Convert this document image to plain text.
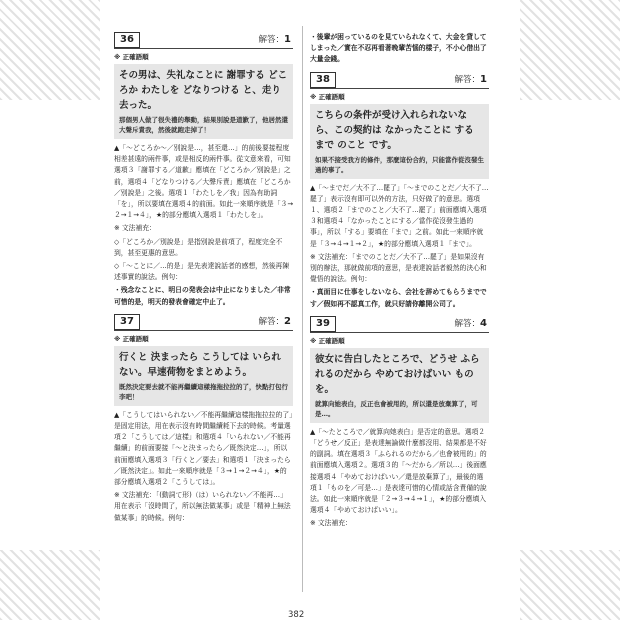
36	解答：1
※ 正確語順
その男は、失礼なことに 謝罪する どころか わたしを どなりつける と、走り去った。
那個男人做了很失禮的舉動，結果別說是道歉了，他居然還大聲斥責我，然後就跑走掉了！
▲「～どころか～／別說是…，甚至還…」的前後要接程度相差甚遠的兩件事，或是相反的兩件事。從文意來看，可知選項３「謝罪する／道歉」應填在「どころか／別說是」之前，選項４「どなりつける／大聲斥責」應填在「どころか／別說是」之後。選項１「わたしを／我」因為有助詞「を」，所以要填在選項４的前面。如此一來順序就是「３→２→１→４」，★的部分應填入選項１「わたしを」。
※ 文法補充：
◇「どころか／別說是」是指別說是前項了，程度完全不到，甚至更惠的意思。
◇「～ことに／…的是」是先表達說話者的感想，然後再陳述事實的說法。例句：
・残念なことに、明日の発表会は中止になりました／非常可惜的是，明天的發表會確定中止了。
37	解答：2
※ 正確語順
行くと 決まったら こうしては いられない。早速荷物をまとめよう。
既然決定要去就不能再繼續這樣拖拖拉拉的了，快點打包行李吧！
▲「こうしてはいられない／不能再繼續這樣拖拖拉拉的了」是固定用法，用在表示沒有時間繼續耗下去的時候。考量選項２「こうしては／這樣」和選項４「いられない／不能再繼續」的前面要接「～と決まったら／既然決定…」，所以前面應填入選項３「行くと／要去」和選項１「決まったら／既然決定」。如此一來順序就是「３→１→２→４」，★的部分應填入選項２「こうしては」。
※ 文法補充：「(動詞て形)（は）いられない／不能再…」用在表示「沒時間了，所以無法做某事」或是「精神上無法做某事」的時候。例句：
・後輩が困っているのを見ていられなくて、大金を貸してしまった／實在不忍再看著晚輩苦惱的樣子，不小心借出了大量金錢。
38	解答：1
※ 正確語順
こちらの条件が受け入れられないなら、この契約は なかったことに する まで のこと です。
如果不接受我方的條件，那麼這份合約，只能當作從沒發生過的事了。
▲「～までだ／大不了…罷了」「～までのことだ／大不了…罷了」表示沒有即可以外的方法，只好做了的意思。選項１、選項２「までのこと／大不了…罷了」前面應填入選項３和選項４「なかったことにする／當作從沒發生過的事」，所以「する」要填在「まで」之前。如此一來順序就是「３→４→１→２」，★的部分應填入選項１「まで」。
※ 文法補充：「までのことだ／大不了…罷了」是如果沒有別的辦法，那就做前項的意思，是表達說話者毅然的決心和覺悟的說法。例句：
・真面目に仕事をしないなら、会社を辞めてもらうまでです／假如再不認真工作，就只好請你離開公司了。
39	解答：4
※ 正確語順
彼女に告白したところで、どうせ ふられるのだから やめておけばいい ものを。
就算向她表白，反正也會被甩的，所以還是放棄算了，可是…。
▲「～たところで／就算向她表白」是否定的意思。選項２「どうせ／反正」是表達無論做什麼都沒用、結果都是不好的副詞。填在選項３「ふられるのだから／也會被甩的」的前面應填入選項２。選項３的「～だから／所以…」後面應接選項４「やめておけばいい／還是放棄算了」，最後的選項１「ものを／可是…」是表達可惜的心情或話含責備的說法。如此一來順序就是「２→３→４→１」，★的部分應填入選項４「やめておけばいい」。
※ 文法補充：
382
